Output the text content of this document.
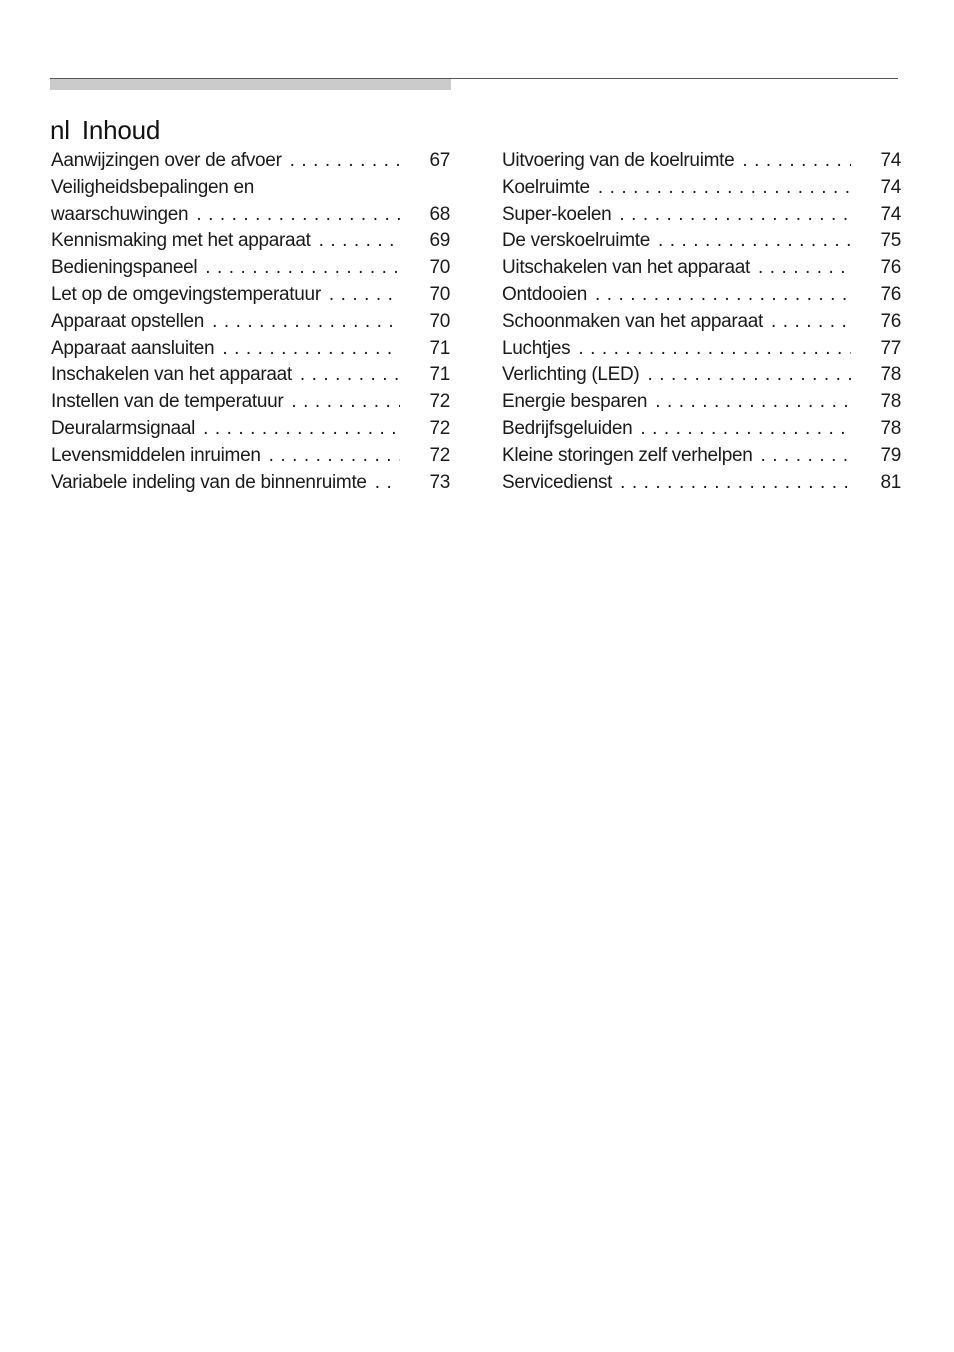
nl Inhoud
Aanwijzingen over de afvoer . . .	67
Veiligheidsbepalingen en
waarschuwingen . . .	68
Kennismaking met het apparaat . . .	69
Bedieningspaneel . . .	70
Let op de omgevingstemperatuur . . .	70
Apparaat opstellen . . .	70
Apparaat aansluiten . . .	71
Inschakelen van het apparaat . . .	71
Instellen van de temperatuur . . .	72
Deuralarmsignaal . . .	72
Levensmiddelen inruimen . . .	72
Variabele indeling van de binnenruimte . . .	73
Uitvoering van de koelruimte . . .	74
Koelruimte . . .	74
Super-koelen . . .	74
De verskoelruimte . . .	75
Uitschakelen van het apparaat . . .	76
Ontdooien . . .	76
Schoonmaken van het apparaat . . .	76
Luchtjes . . .	77
Verlichting (LED) . . .	78
Energie besparen . . .	78
Bedrijfsgeluiden . . .	78
Kleine storingen zelf verhelpen . . .	79
Servicedienst . . .	81
